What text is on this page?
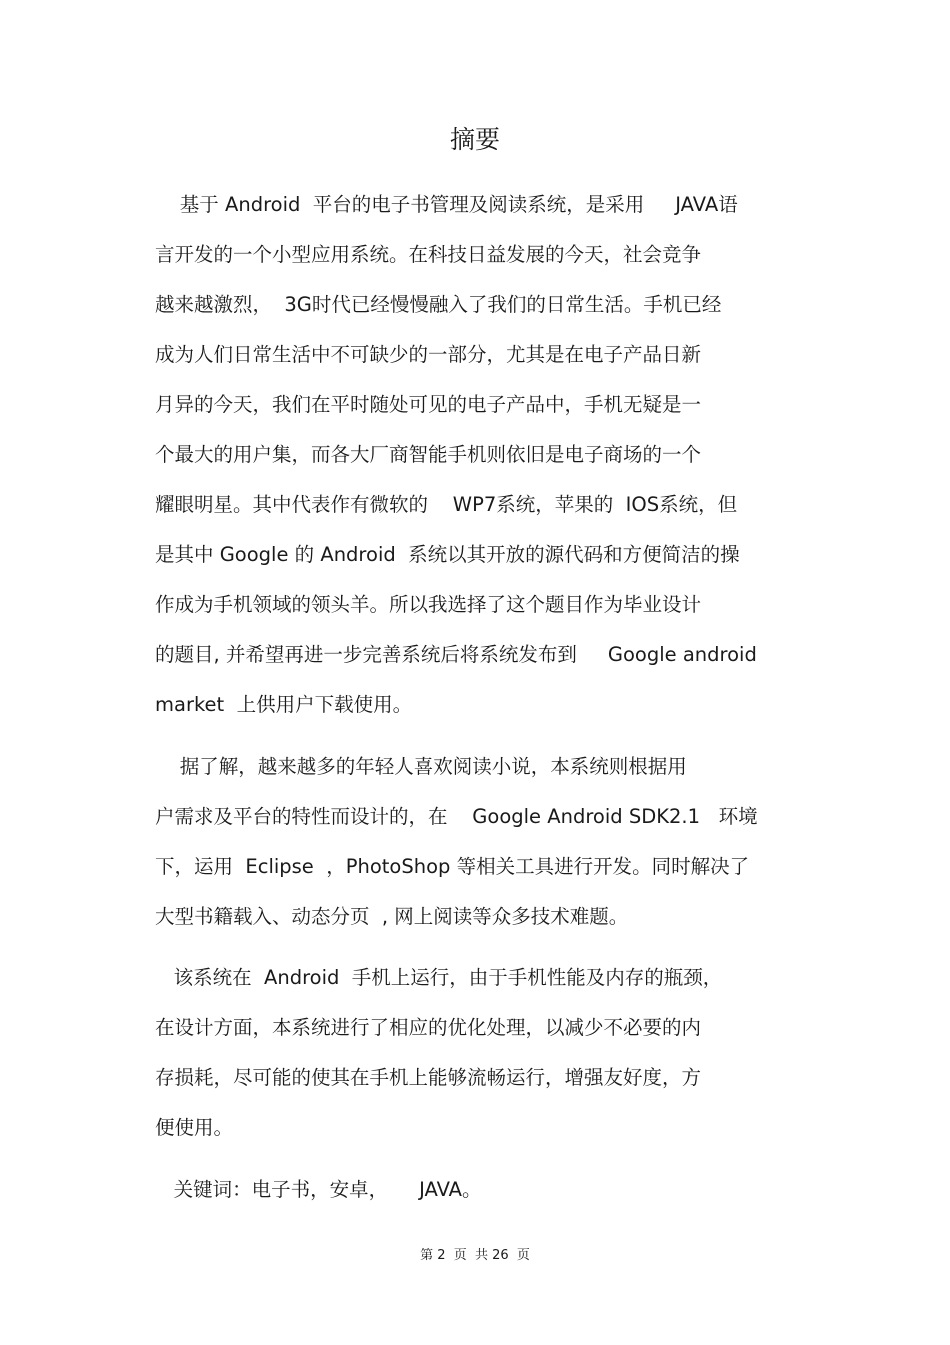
摘要
基于 Android  平台的电子书管理及阅读系统，是采用     JAVA语
言开发的一个小型应用系统。在科技日益发展的今天，社会竞争
越来越激烈，  3G时代已经慢慢融入了我们的日常生活。手机已经
成为人们日常生活中不可缺少的一部分，尤其是在电子产品日新
月异的今天，我们在平时随处可见的电子产品中，手机无疑是一
个最大的用户集，而各大厂商智能手机则依旧是电子商场的一个
耀眼明星。其中代表作有微软的    WP7系统，苹果的  IOS系统，但
是其中 Google 的 Android  系统以其开放的源代码和方便简洁的操
作成为手机领域的领头羊。所以我选择了这个题目作为毕业设计
的题目, 并希望再进一步完善系统后将系统发布到     Google android
market  上供用户下载使用。
据了解，越来越多的年轻人喜欢阅读小说，本系统则根据用
户需求及平台的特性而设计的，在    Google Android SDK2.1   环境
下，运用  Eclipse  ，PhotoShop 等相关工具进行开发。同时解决了
大型书籍载入、动态分页  , 网上阅读等众多技术难题。
该系统在  Android  手机上运行，由于手机性能及内存的瓶颈，
在设计方面，本系统进行了相应的优化处理，以减少不必要的内
存损耗，尽可能的使其在手机上能够流畅运行，增强友好度，方
便使用。
关键词：电子书，安卓，     JAVA。
第 2  页  共 26  页
